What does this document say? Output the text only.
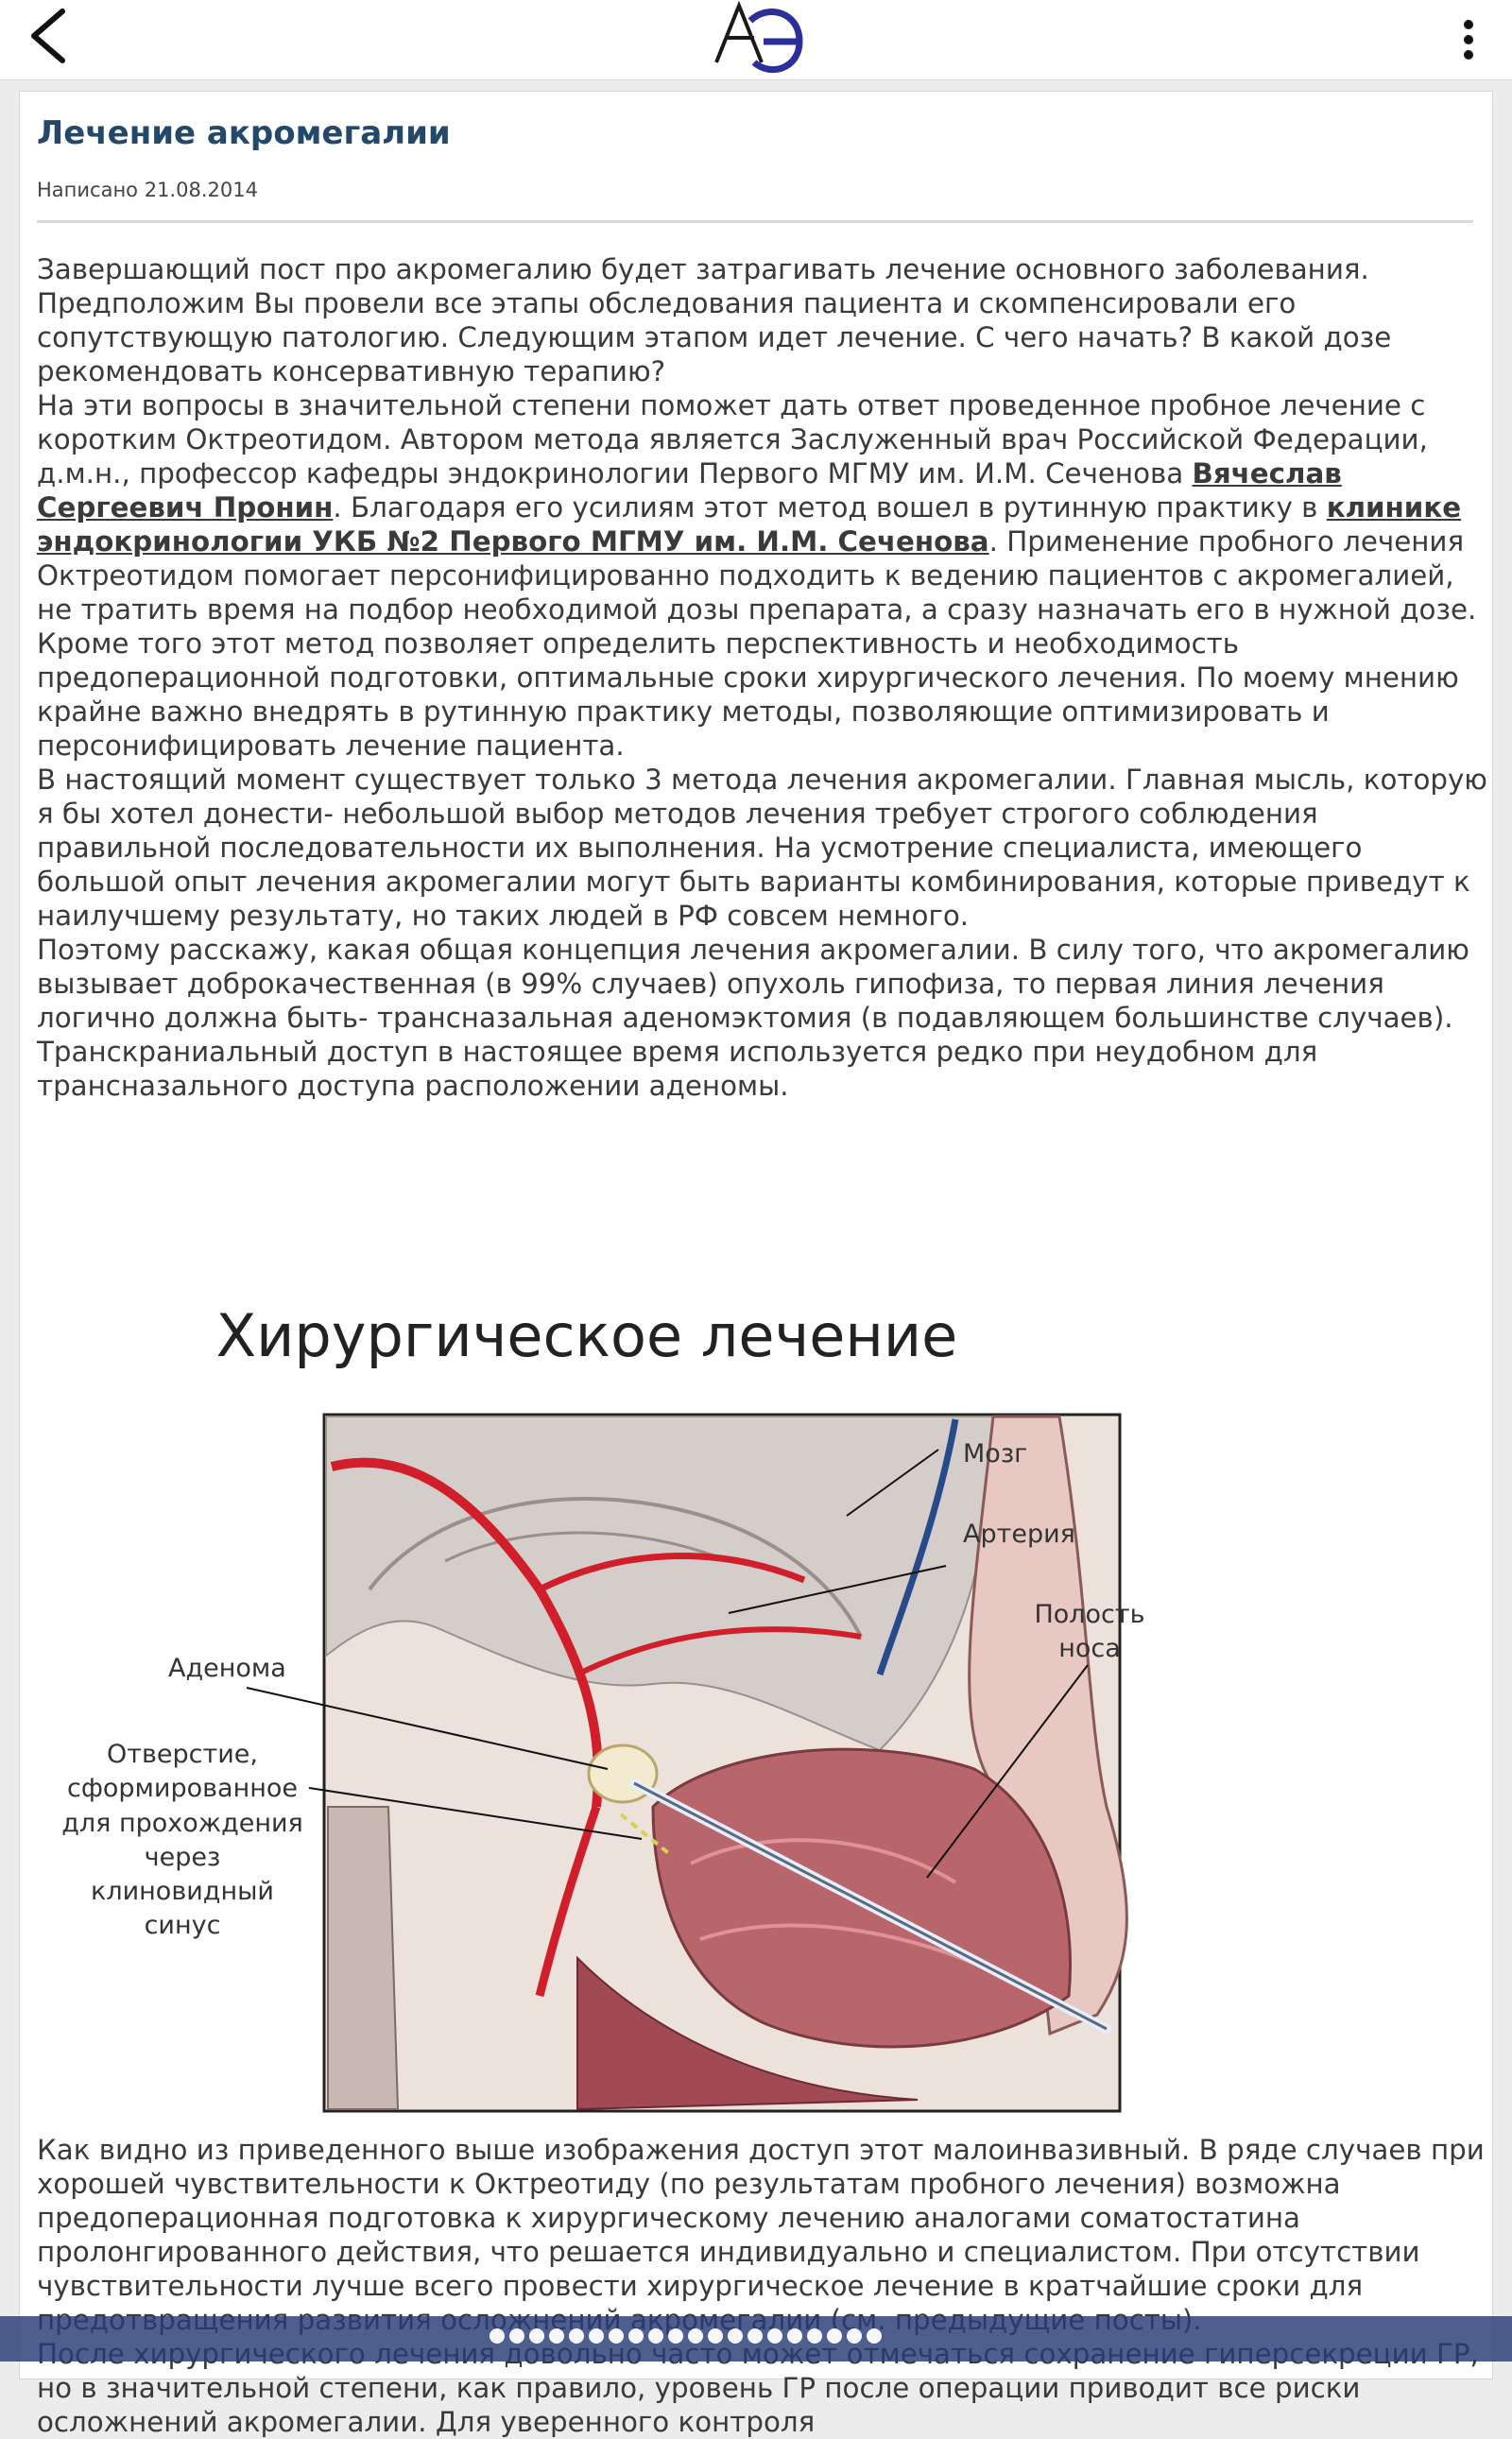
Лечение акромегалии
Написано 21.08.2014

Завершающий пост про акромегалию будет затрагивать лечение основного заболевания. Предположим Вы провели все этапы обследования пациента и скомпенсировали его сопутствующую патологию. Следующим этапом идет лечение. С чего начать? В какой дозе рекомендовать консервативную терапию?

На эти вопросы в значительной степени поможет дать ответ проведенное пробное лечение с коротким Октреотидом. Автором метода является Заслуженный врач Российской Федерации, д.м.н., профессор кафедры эндокринологии Первого МГМУ им. И.М. Сеченова Вячеслав Сергеевич Пронин. Благодаря его усилиям этот метод вошел в рутинную практику в клинике эндокринологии УКБ №2 Первого МГМУ им. И.М. Сеченова. Применение пробного лечения Октреотидом помогает персонифицированно подходить к ведению пациентов с акромегалией, не тратить время на подбор необходимой дозы препарата, а сразу назначать его в нужной дозе. Кроме того этот метод позволяет определить перспективность и необходимость предоперационной подготовки, оптимальные сроки хирургического лечения. По моему мнению крайне важно внедрять в рутинную практику методы, позволяющие оптимизировать и персонифицировать лечение пациента.

В настоящий момент существует только 3 метода лечения акромегалии. Главная мысль, которую я бы хотел донести- небольшой выбор методов лечения требует строгого соблюдения правильной последовательности их выполнения. На усмотрение специалиста, имеющего большой опыт лечения акромегалии могут быть варианты комбинирования, которые приведут к наилучшему результату, но таких людей в РФ совсем немного.

Поэтому расскажу, какая общая концепция лечения акромегалии. В силу того, что акромегалию вызывает доброкачественная (в 99% случаев) опухоль гипофиза, то первая линия лечения логично должна быть- трансназальная аденомэктомия (в подавляющем большинстве случаев). Транскраниальный доступ в настоящее время используется редко при неудобном для трансназального доступа расположении аденомы.

Хирургическое лечение
Мозг
Артерия
Полость
носа
Аденома
Отверстие,
сформированное
для прохождения
через
клиновидный
синус

Как видно из приведенного выше изображения доступ этот малоинвазивный. В ряде случаев при хорошей чувствительности к Октреотиду (по результатам пробного лечения) возможна предоперационная подготовка к хирургическому лечению аналогами соматостатина пролонгированного действия, что решается индивидуально и специалистом. При отсутствии чувствительности лучше всего провести хирургическое лечение в кратчайшие сроки для

но в значительной степени, как правило, уровень ГР после операции приводит все риски осложнений акромегалии. Для уверенного контроля
